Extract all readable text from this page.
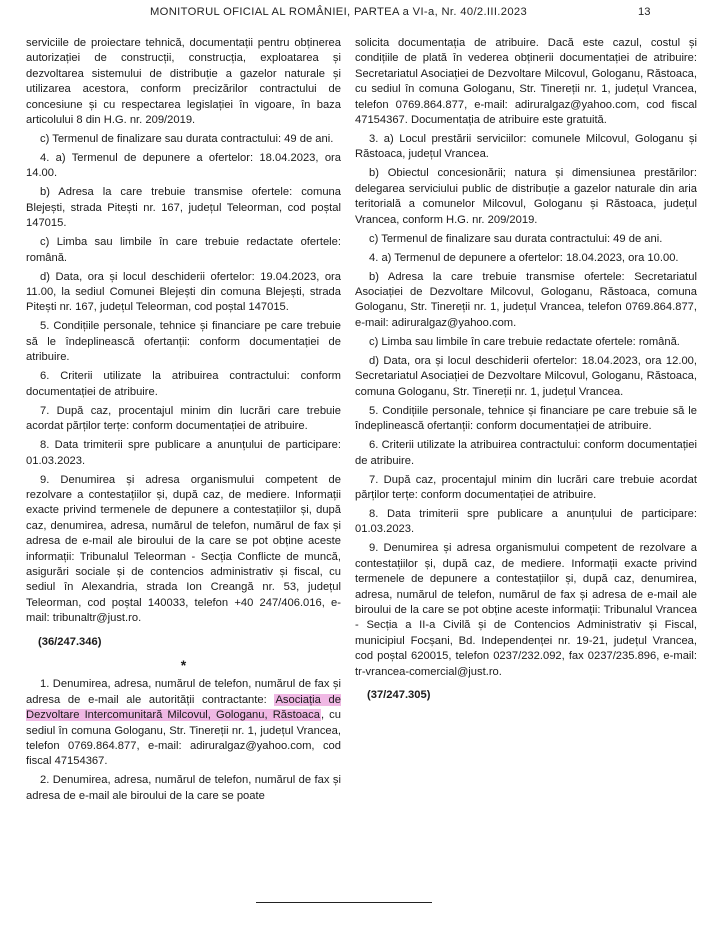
MONITORUL OFICIAL AL ROMÂNIEI, PARTEA a VI-a, Nr. 40/2.III.2023	13

serviciile de proiectare tehnică, documentații pentru obținerea autorizației de construcții, construcția, exploatarea și dezvoltarea sistemului de distribuție a gazelor naturale și utilizarea acestora, conform precizărilor contractului de concesiune și cu respectarea legislației în vigoare, în baza articolului 8 din H.G. nr. 209/2019.

c) Termenul de finalizare sau durata contractului: 49 de ani.

4. a) Termenul de depunere a ofertelor: 18.04.2023, ora 14.00.

b) Adresa la care trebuie transmise ofertele: comuna Blejești, strada Pitești nr. 167, județul Teleorman, cod poștal 147015.

c) Limba sau limbile în care trebuie redactate ofertele: română.

d) Data, ora și locul deschiderii ofertelor: 19.04.2023, ora 11.00, la sediul Comunei Blejești din comuna Blejești, strada Pitești nr. 167, județul Teleorman, cod poștal 147015.

5. Condițiile personale, tehnice și financiare pe care trebuie să le îndeplinească ofertanții: conform documentației de atribuire.

6. Criterii utilizate la atribuirea contractului: conform documentației de atribuire.

7. După caz, procentajul minim din lucrări care trebuie acordat părților terțe: conform documentației de atribuire.

8. Data trimiterii spre publicare a anunțului de participare: 01.03.2023.

9. Denumirea și adresa organismului competent de rezolvare a contestațiilor și, după caz, de mediere. Informații exacte privind termenele de depunere a contestațiilor și, după caz, denumirea, adresa, numărul de telefon, numărul de fax și adresa de e-mail ale biroului de la care se pot obține aceste informații: Tribunalul Teleorman - Secția Conflicte de muncă, asigurări sociale și de contencios administrativ și fiscal, cu sediul în Alexandria, strada Ion Creangă nr. 53, județul Teleorman, cod poștal 140033, telefon +40 247/406.016, e-mail: tribunaltr@just.ro.

(36/247.346)

*

1. Denumirea, adresa, numărul de telefon, numărul de fax și adresa de e-mail ale autorității contractante: Asociația de Dezvoltare Intercomunitară Milcovul, Gologanu, Răstoaca, cu sediul în comuna Gologanu, Str. Tinereții nr. 1, județul Vrancea, telefon 0769.864.877, e-mail: adiruralgaz@yahoo.com, cod fiscal 47154367.

2. Denumirea, adresa, numărul de telefon, numărul de fax și adresa de e-mail ale biroului de la care se poate

solicita documentația de atribuire. Dacă este cazul, costul și condițiile de plată în vederea obținerii documentației de atribuire: Secretariatul Asociației de Dezvoltare Milcovul, Gologanu, Răstoaca, cu sediul în comuna Gologanu, Str. Tinereții nr. 1, județul Vrancea, telefon 0769.864.877, e-mail: adiruralgaz@yahoo.com, cod fiscal 47154367. Documentația de atribuire este gratuită.

3. a) Locul prestării serviciilor: comunele Milcovul, Gologanu și Răstoaca, județul Vrancea.

b) Obiectul concesionării; natura și dimensiunea prestărilor: delegarea serviciului public de distribuție a gazelor naturale din aria teritorială a comunelor Milcovul, Gologanu și Răstoaca, județul Vrancea, conform H.G. nr. 209/2019.

c) Termenul de finalizare sau durata contractului: 49 de ani.

4. a) Termenul de depunere a ofertelor: 18.04.2023, ora 10.00.

b) Adresa la care trebuie transmise ofertele: Secretariatul Asociației de Dezvoltare Milcovul, Gologanu, Răstoaca, comuna Gologanu, Str. Tinereții nr. 1, județul Vrancea, telefon 0769.864.877, e-mail: adiruralgaz@yahoo.com.

c) Limba sau limbile în care trebuie redactate ofertele: română.

d) Data, ora și locul deschiderii ofertelor: 18.04.2023, ora 12.00, Secretariatul Asociației de Dezvoltare Milcovul, Gologanu, Răstoaca, comuna Gologanu, Str. Tinereții nr. 1, județul Vrancea.

5. Condițiile personale, tehnice și financiare pe care trebuie să le îndeplinească ofertanții: conform documentației de atribuire.

6. Criterii utilizate la atribuirea contractului: conform documentației de atribuire.

7. După caz, procentajul minim din lucrări care trebuie acordat părților terțe: conform documentației de atribuire.

8. Data trimiterii spre publicare a anunțului de participare: 01.03.2023.

9. Denumirea și adresa organismului competent de rezolvare a contestațiilor și, după caz, de mediere. Informații exacte privind termenele de depunere a contestațiilor și, după caz, denumirea, adresa, numărul de telefon, numărul de fax și adresa de e-mail ale biroului de la care se pot obține aceste informații: Tribunalul Vrancea - Secția a II-a Civilă și de Contencios Administrativ și Fiscal, municipiul Focșani, Bd. Independenței nr. 19-21, județul Vrancea, cod poștal 620015, telefon 0237/232.092, fax 0237/235.896, e-mail: tr-vrancea-comercial@just.ro.

(37/247.305)
